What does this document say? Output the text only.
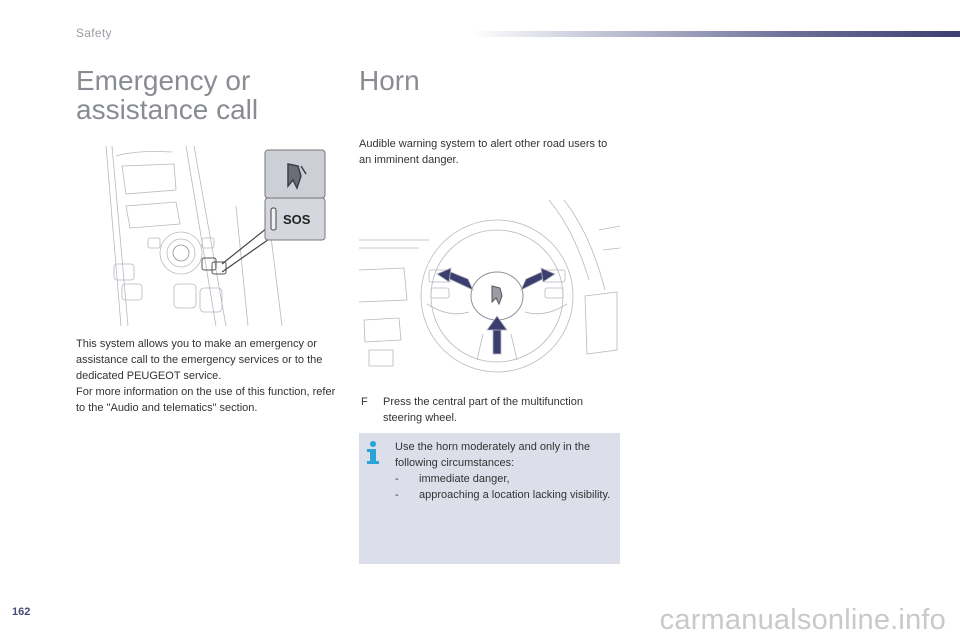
Safety
Emergency or
assistance call
SOS
This system allows you to make an emergency or assistance call to the emergency services or to the dedicated PEUGEOT service.
For more information on the use of this function, refer to the "Audio and telematics" section.
Horn

Audible warning system to alert other road users to an imminent danger.

F	Press the central part of the multifunction steering wheel.
Use the horn moderately and only in the following circumstances:
- immediate danger,
- approaching a location lacking visibility.
162	carmanualsonline.info
